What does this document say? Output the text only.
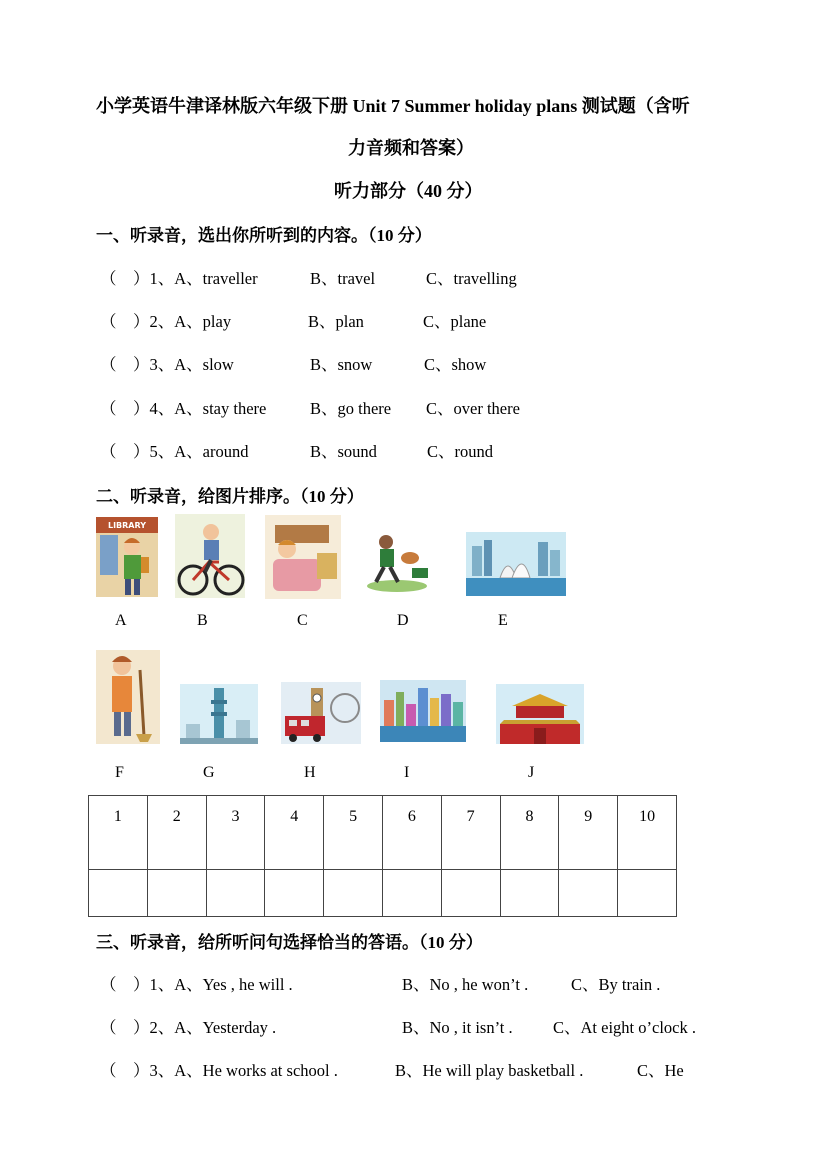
小学英语牛津译林版六年级下册 Unit 7 Summer holiday plans 测试题（含听
力音频和答案）
听力部分（40 分）
一、听录音，选出你所听到的内容。（10 分）
（　）1、A、traveller	B、travel	C、travelling
（　）2、A、play	B、plan	C、plane
（　）3、A、slow	B、snow	C、show
（　）4、A、stay there	B、go there C、over there
（　）5、A、around	B、sound	C、round
二、听录音，给图片排序。（10 分）
LIBRARY
A	B	C	D	E
F	G	H	I	J
1	2	3	4	5	6	7	8	9	10

三、听录音，给所听问句选择恰当的答语。（10 分）
（　）1、A、Yes , he will .	B、No , he won’t .	C、By train .
（　）2、A、Yesterday .	B、No , it isn’t . C、At eight o’clock .
（　）3、A、He works at school .	B、He will play basketball .	C、He
